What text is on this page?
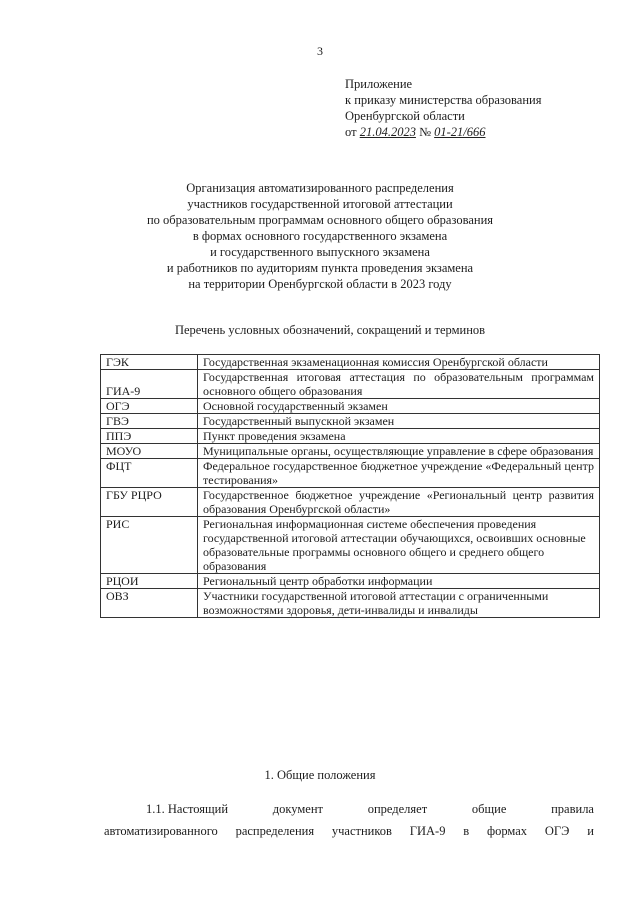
3
Приложение
к приказу министерства образования
Оренбургской области
от 21.04.2023 № 01-21/666
Организация автоматизированного распределения
участников государственной итоговой аттестации
по образовательным программам основного общего образования
в формах основного государственного экзамена
и государственного выпускного экзамена
и работников по аудиториям пункта проведения экзамена
на территории Оренбургской области в 2023 году
Перечень условных обозначений, сокращений и терминов
ГЭК	Государственная экзаменационная комиссия Оренбургской области
ГИА-9	Государственная итоговая аттестация по образовательным программам основного общего образования
ОГЭ	Основной государственный экзамен
ГВЭ	Государственный выпускной экзамен
ППЭ	Пункт проведения экзамена
МОУО	Муниципальные органы, осуществляющие управление в сфере образования
ФЦТ	Федеральное государственное бюджетное учреждение «Федеральный центр тестирования»
ГБУ РЦРО	Государственное бюджетное учреждение «Региональный центр развития образования Оренбургской области»
РИС	Региональная информационная системе обеспечения проведения государственной итоговой аттестации обучающихся, освоивших основные образовательные программы основного общего и среднего общего образования
РЦОИ	Региональный центр обработки информации
ОВЗ	Участники государственной итоговой аттестации с ограниченными возможностями здоровья, дети-инвалиды и инвалиды
1. Общие положения
1.1. Настоящий	документ	определяет	общие	правила
автоматизированного распределения участников ГИА-9 в формах ОГЭ и
